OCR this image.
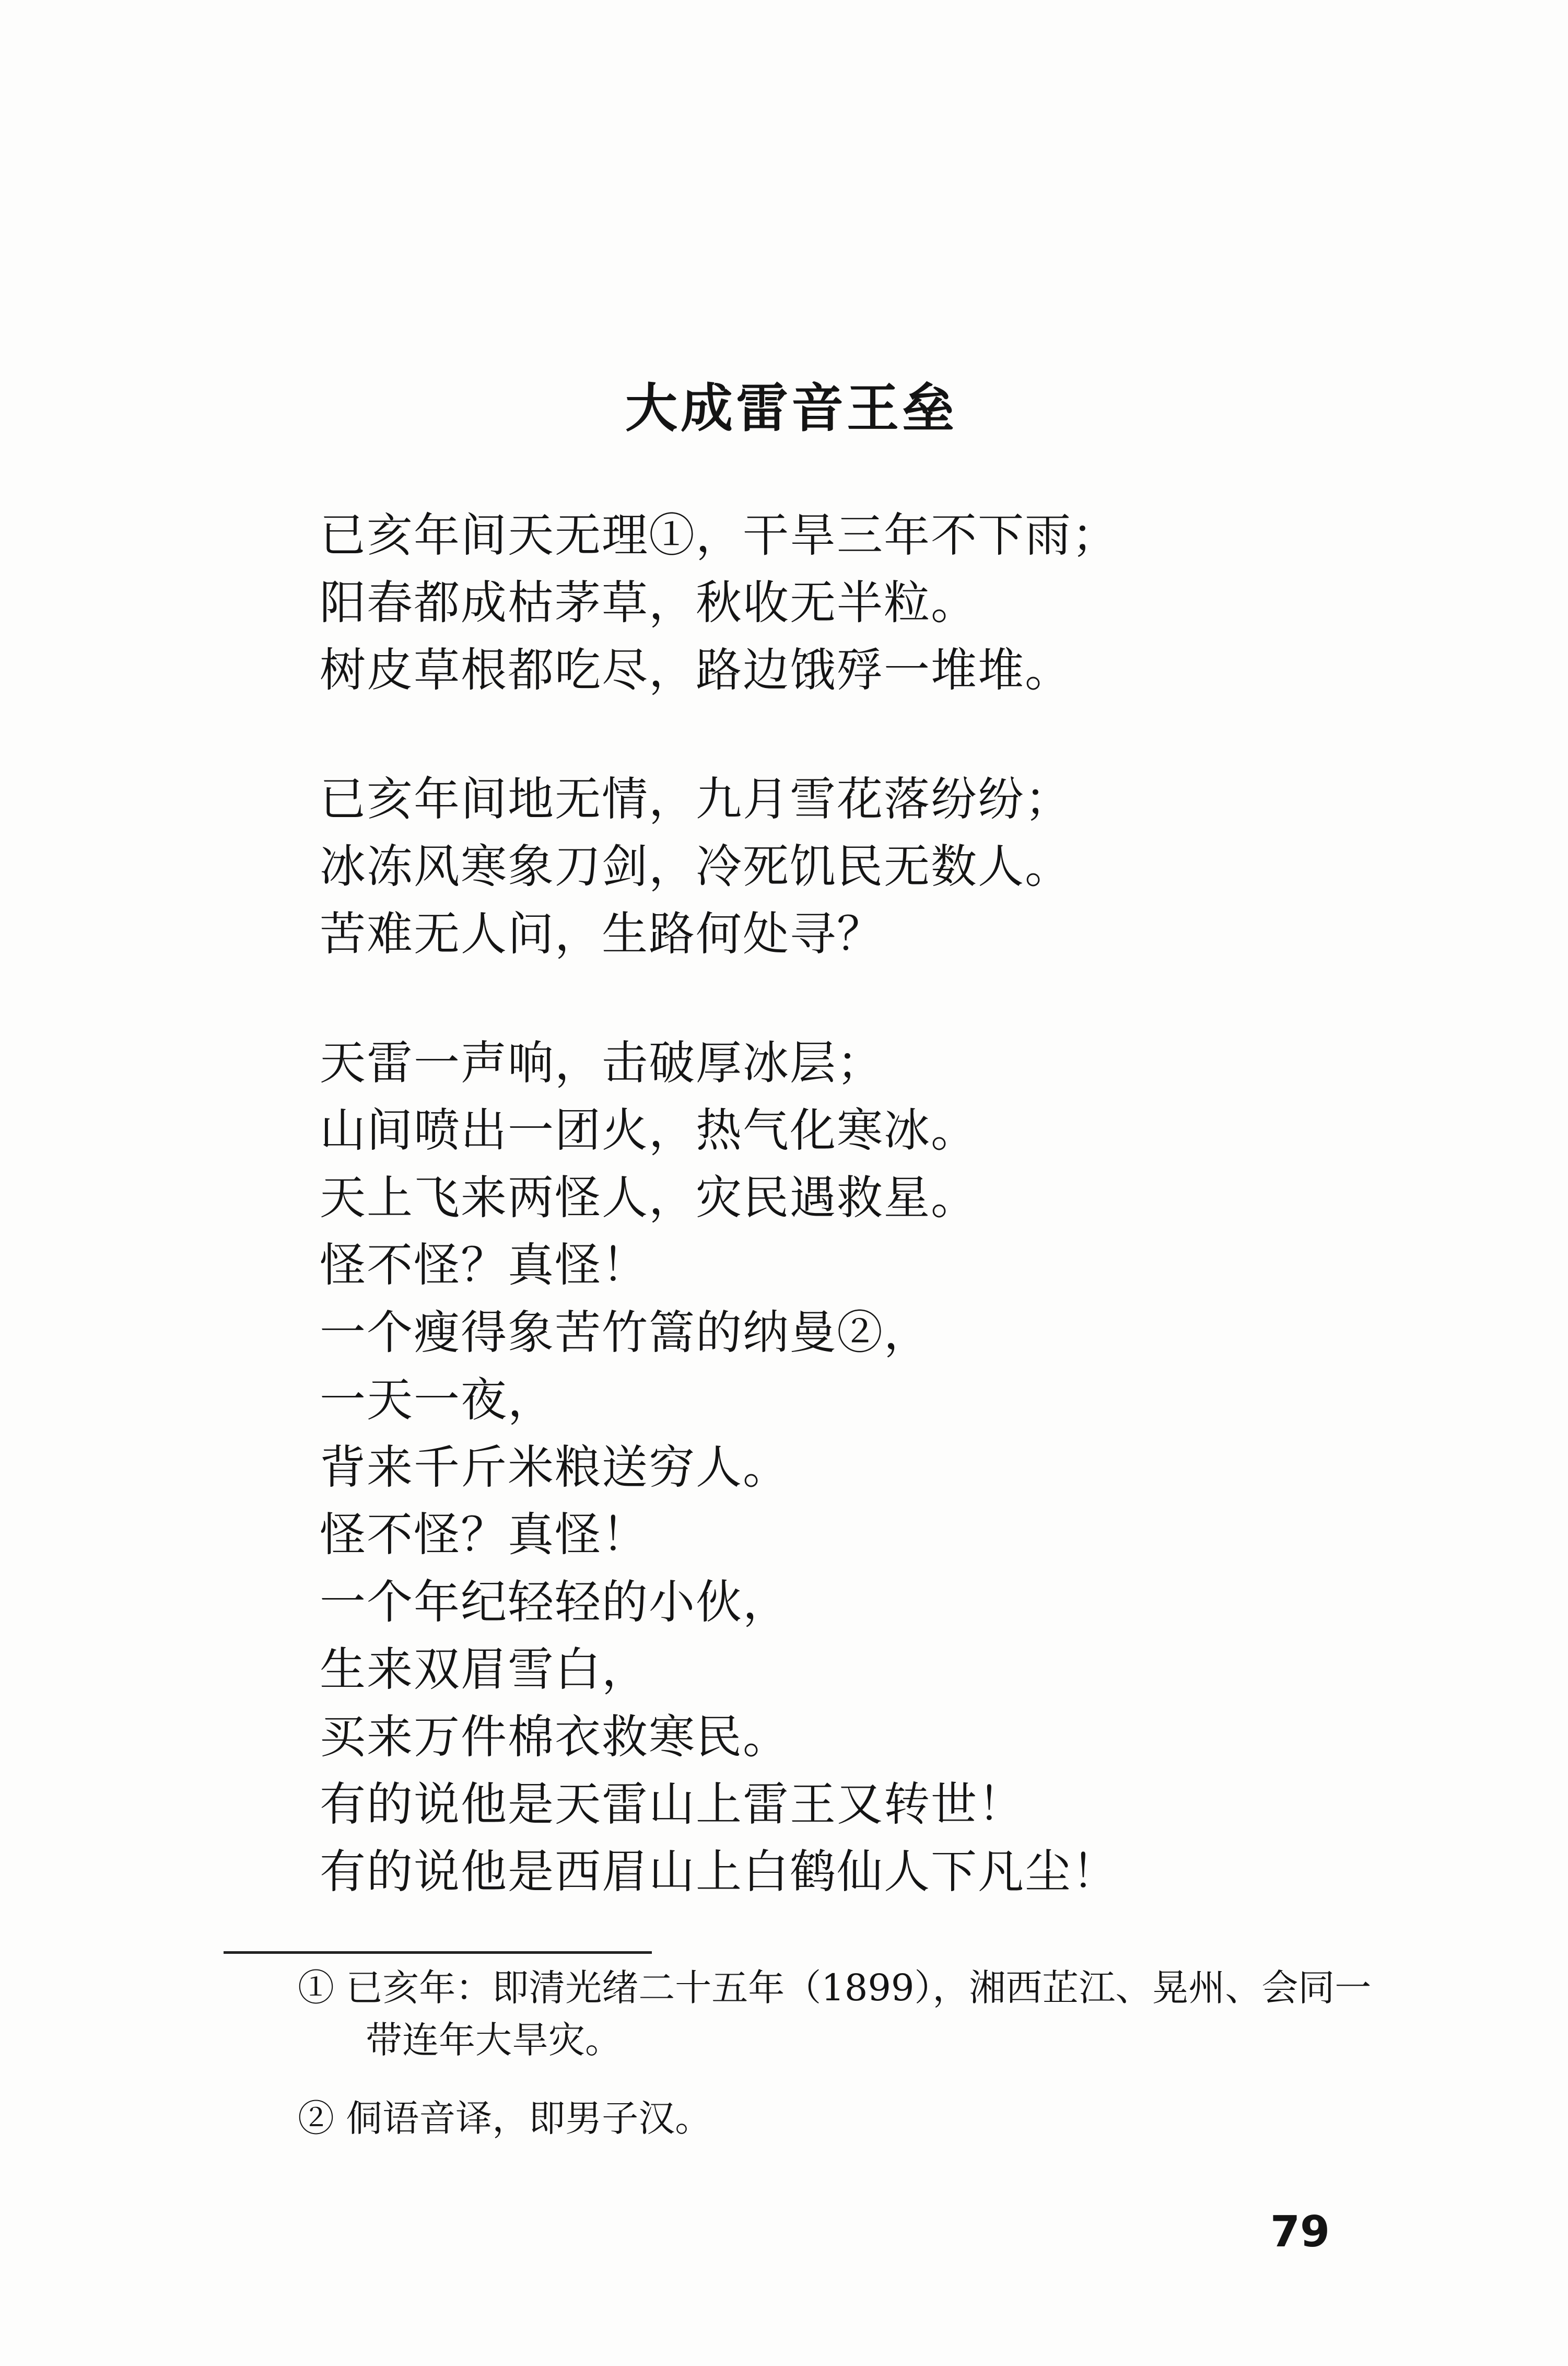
大成雷音王垒
已亥年间天无理①，干旱三年不下雨；
阳春都成枯茅草，秋收无半粒。
树皮草根都吃尽，路边饿殍一堆堆。
已亥年间地无情，九月雪花落纷纷；
冰冻风寒象刀剑，冷死饥民无数人。
苦难无人问，生路何处寻？
天雷一声响，击破厚冰层；
山间喷出一团火，热气化寒冰。
天上飞来两怪人，灾民遇救星。
怪不怪？真怪！
一个瘦得象苦竹篙的纳曼②，
一天一夜，
背来千斤米粮送穷人。
怪不怪？真怪！
一个年纪轻轻的小伙，
生来双眉雪白，
买来万件棉衣救寒民。
有的说他是天雷山上雷王又转世！
有的说他是西眉山上白鹤仙人下凡尘！
① 已亥年：即清光绪二十五年（1899），湘西芷江、晃州、会同一
带连年大旱灾。
② 侗语音译，即男子汉。
79
